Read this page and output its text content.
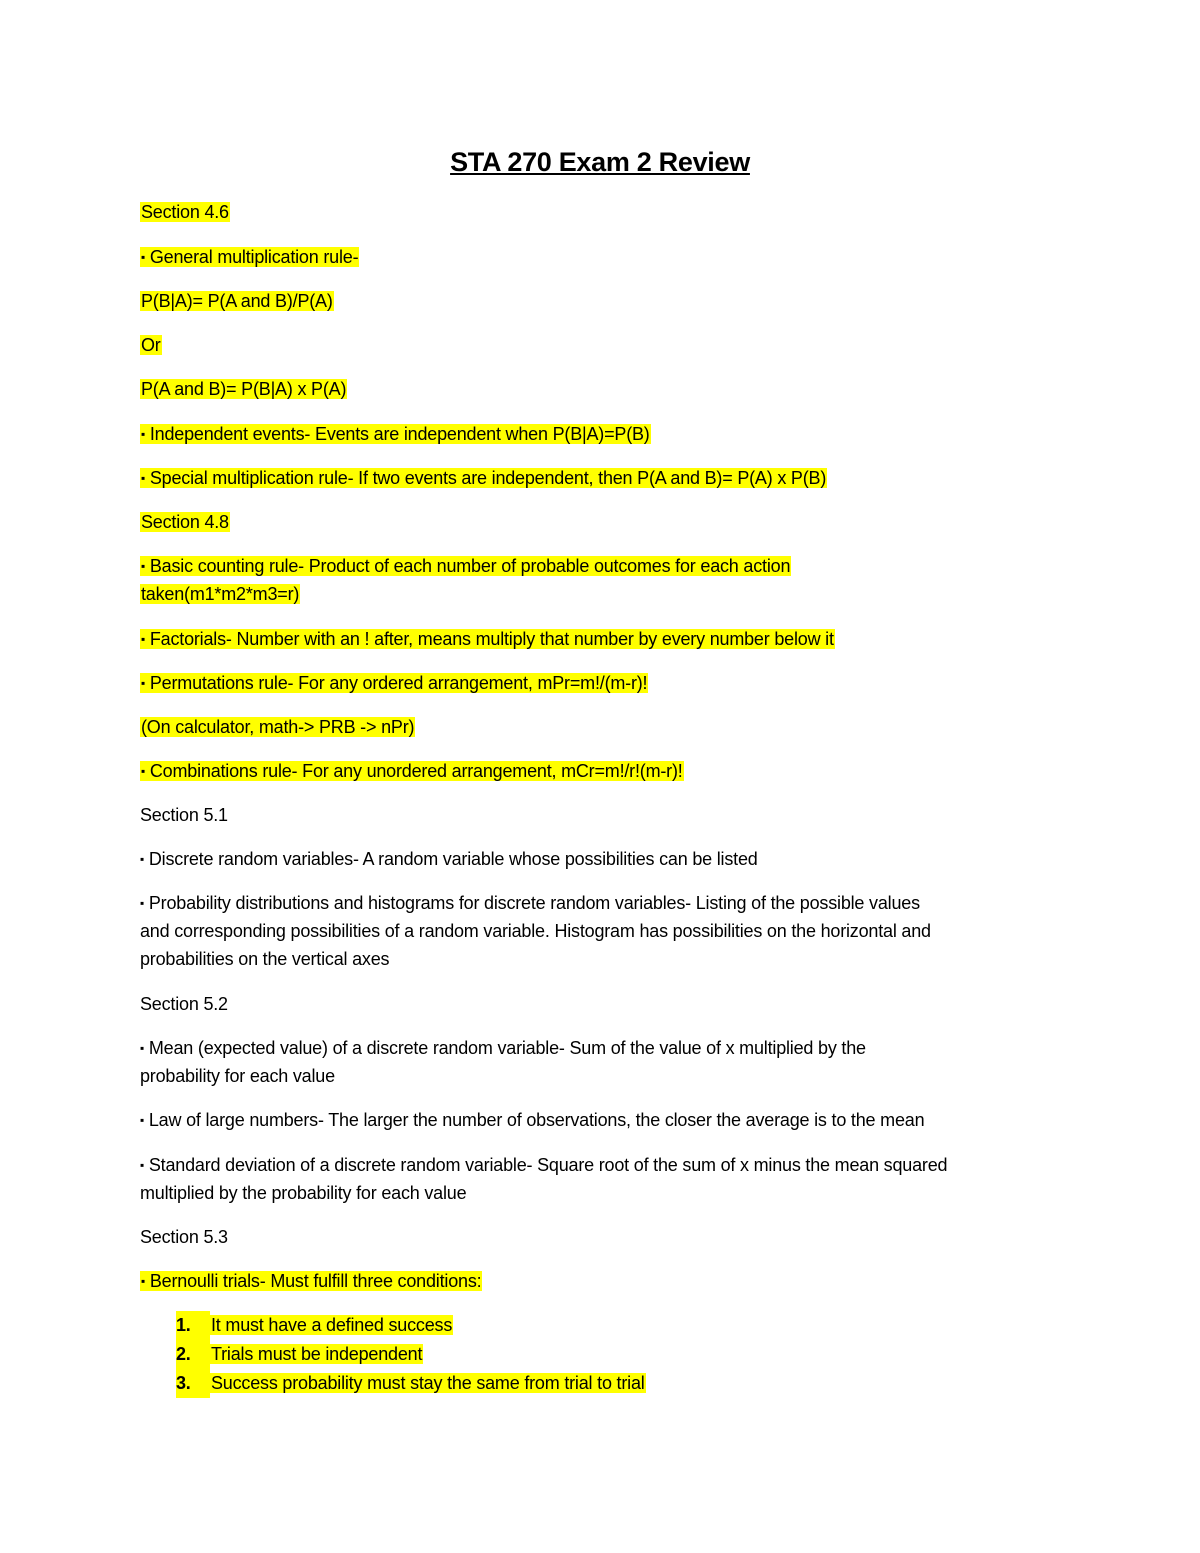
STA 270 Exam 2 Review
Section 4.6
▪ General multiplication rule-
P(B|A)= P(A and B)/P(A)
Or
P(A and B)= P(B|A) x P(A)
▪ Independent events- Events are independent when P(B|A)=P(B)
▪ Special multiplication rule- If two events are independent, then P(A and B)= P(A) x P(B)
Section 4.8
▪ Basic counting rule- Product of each number of probable outcomes for each action
taken(m1*m2*m3=r)
▪ Factorials- Number with an ! after, means multiply that number by every number below it
▪ Permutations rule- For any ordered arrangement, mPr=m!/(m-r)!
(On calculator, math-> PRB -> nPr)
▪ Combinations rule- For any unordered arrangement, mCr=m!/r!(m-r)!
Section 5.1
▪ Discrete random variables- A random variable whose possibilities can be listed
▪ Probability distributions and histograms for discrete random variables- Listing of the possible values
and corresponding possibilities of a random variable. Histogram has possibilities on the horizontal and
probabilities on the vertical axes
Section 5.2
▪ Mean (expected value) of a discrete random variable- Sum of the value of x multiplied by the
probability for each value
▪ Law of large numbers- The larger the number of observations, the closer the average is to the mean
▪ Standard deviation of a discrete random variable- Square root of the sum of x minus the mean squared
multiplied by the probability for each value
Section 5.3
▪ Bernoulli trials- Must fulfill three conditions:
1. It must have a defined success
2. Trials must be independent
3. Success probability must stay the same from trial to trial
